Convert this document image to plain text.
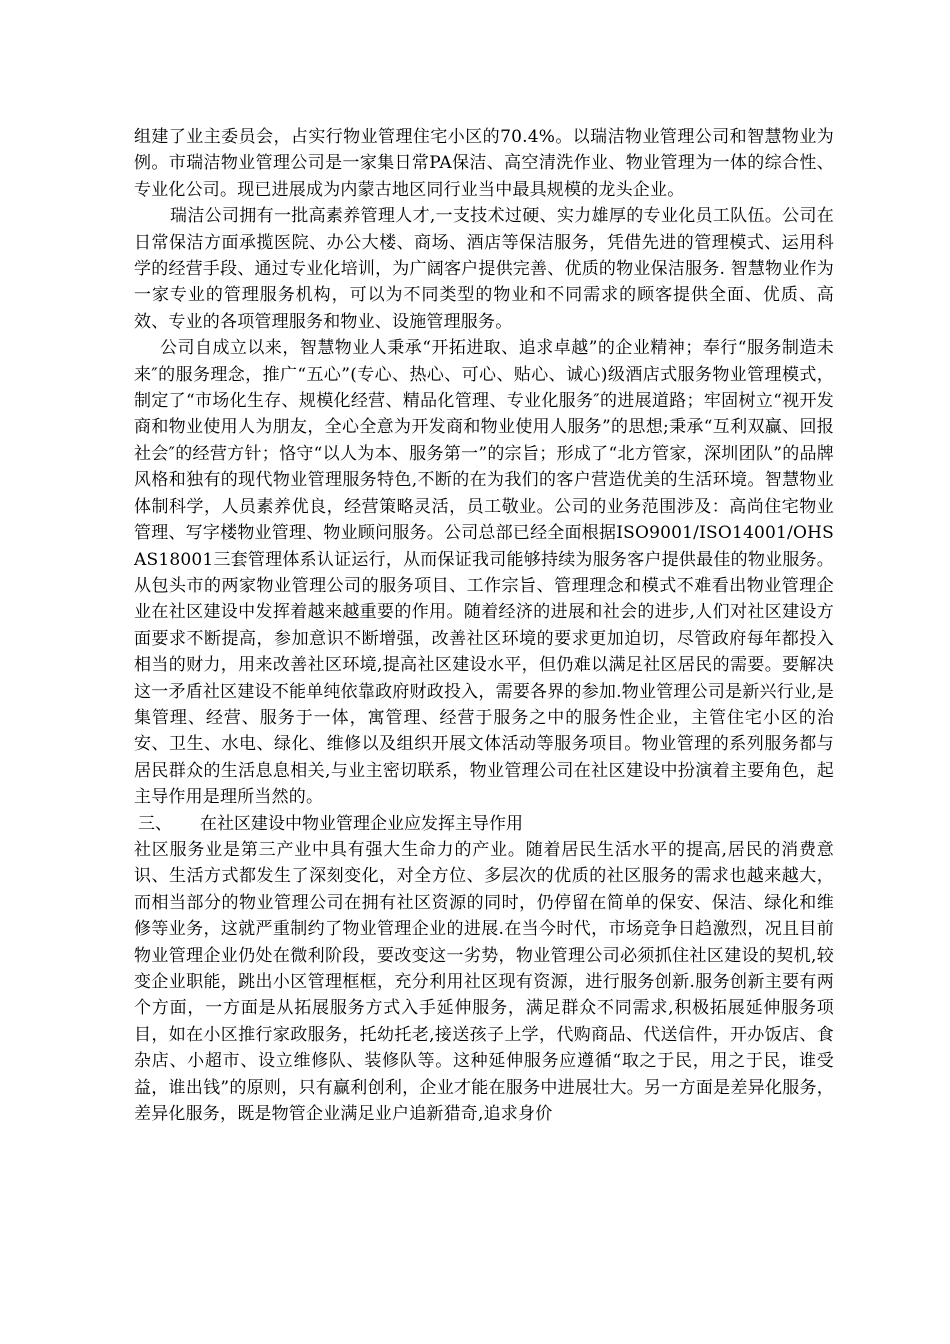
组建了业主委员会，占实行物业管理住宅小区的70.4%。以瑞洁物业管理公司和智慧物业为例。市瑞洁物业管理公司是一家集日常PA保洁、高空清洗作业、物业管理为一体的综合性、专业化公司。现已进展成为内蒙古地区同行业当中最具规模的龙头企业。

瑞洁公司拥有一批高素养管理人才,一支技术过硬、实力雄厚的专业化员工队伍。公司在日常保洁方面承揽医院、办公大楼、商场、酒店等保洁服务，凭借先进的管理模式、运用科学的经营手段、通过专业化培训，为广阔客户提供完善、优质的物业保洁服务. 智慧物业作为一家专业的管理服务机构，可以为不同类型的物业和不同需求的顾客提供全面、优质、高效、专业的各项管理服务和物业、设施管理服务。

公司自成立以来，智慧物业人秉承“开拓进取、追求卓越”的企业精神；奉行“服务制造未来″的服务理念，推广“五心”(专心、热心、可心、贴心、诚心)级酒店式服务物业管理模式，制定了“市场化生存、规模化经营、精品化管理、专业化服务″的进展道路；牢固树立“视开发商和物业使用人为朋友，全心全意为开发商和物业使用人服务”的思想;秉承“互利双赢、回报社会″的经营方针；恪守“以人为本、服务第一”的宗旨；形成了“北方管家，深圳团队”的品牌风格和独有的现代物业管理服务特色,不断的在为我们的客户营造优美的生活环境。智慧物业体制科学，人员素养优良，经营策略灵活，员工敬业。公司的业务范围涉及：高尚住宅物业管理、写字楼物业管理、物业顾问服务。公司总部已经全面根据ISO9001/ISO14001/OHSAS18001三套管理体系认证运行，从而保证我司能够持续为服务客户提供最佳的物业服务。从包头市的两家物业管理公司的服务项目、工作宗旨、管理理念和模式不难看出物业管理企业在社区建设中发挥着越来越重要的作用。随着经济的进展和社会的进步,人们对社区建设方面要求不断提高，参加意识不断增强，改善社区环境的要求更加迫切，尽管政府每年都投入相当的财力，用来改善社区环境,提高社区建设水平，但仍难以满足社区居民的需要。要解决这一矛盾社区建设不能单纯依靠政府财政投入，需要各界的参加.物业管理公司是新兴行业,是集管理、经营、服务于一体，寓管理、经营于服务之中的服务性企业，主管住宅小区的治安、卫生、水电、绿化、维修以及组织开展文体活动等服务项目。物业管理的系列服务都与居民群众的生活息息相关,与业主密切联系，物业管理公司在社区建设中扮演着主要角色，起主导作用是理所当然的。

三、	在社区建设中物业管理企业应发挥主导作用

社区服务业是第三产业中具有强大生命力的产业。随着居民生活水平的提高,居民的消费意识、生活方式都发生了深刻变化，对全方位、多层次的优质的社区服务的需求也越来越大，而相当部分的物业管理公司在拥有社区资源的同时，仍停留在简单的保安、保洁、绿化和维修等业务，这就严重制约了物业管理企业的进展.在当今时代，市场竞争日趋激烈，况且目前物业管理企业仍处在微利阶段，要改变这一劣势，物业管理公司必须抓住社区建设的契机,较变企业职能，跳出小区管理框框，充分利用社区现有资源，进行服务创新.服务创新主要有两个方面，一方面是从拓展服务方式入手延伸服务，满足群众不同需求,积极拓展延伸服务项目，如在小区推行家政服务，托幼托老,接送孩子上学，代购商品、代送信件，开办饭店、食杂店、小超市、设立维修队、装修队等。这种延伸服务应遵循“取之于民，用之于民，谁受益，谁出钱”的原则，只有赢利创利，企业才能在服务中进展壮大。另一方面是差异化服务，差异化服务，既是物管企业满足业户追新猎奇,追求身价
